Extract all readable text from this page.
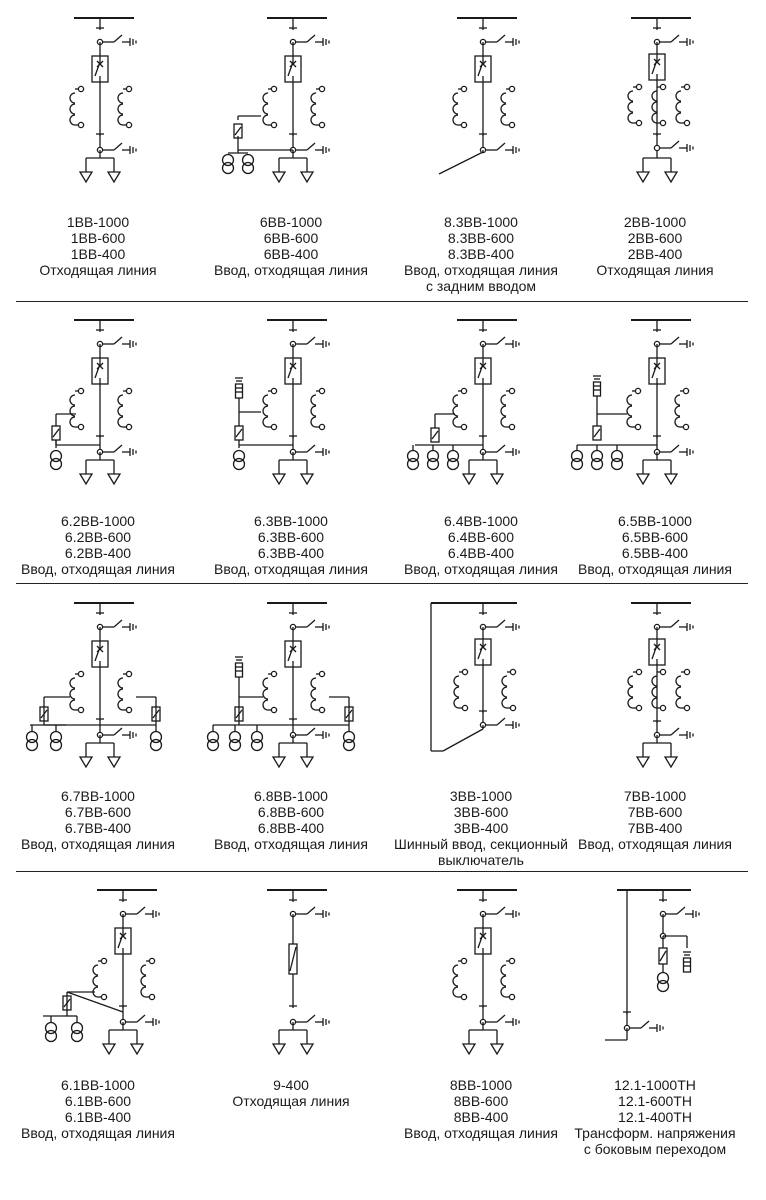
1ВВ-1000
1ВВ-600
1ВВ-400
Отходящая линия
6ВВ-1000
6ВВ-600
6ВВ-400
Ввод, отходящая линия
8.3ВВ-1000
8.3ВВ-600
8.3ВВ-400
Ввод, отходящая линия
с задним вводом
2ВВ-1000
2ВВ-600
2ВВ-400
Отходящая линия
6.2ВВ-1000
6.2ВВ-600
6.2ВВ-400
Ввод, отходящая линия
6.3ВВ-1000
6.3ВВ-600
6.3ВВ-400
Ввод, отходящая линия
6.4ВВ-1000
6.4ВВ-600
6.4ВВ-400
Ввод, отходящая линия
6.5ВВ-1000
6.5ВВ-600
6.5ВВ-400
Ввод, отходящая линия
6.7ВВ-1000
6.7ВВ-600
6.7ВВ-400
Ввод, отходящая линия
6.8ВВ-1000
6.8ВВ-600
6.8ВВ-400
Ввод, отходящая линия
3ВВ-1000
3ВВ-600
3ВВ-400
Шинный ввод, секционный
выключатель
7ВВ-1000
7ВВ-600
7ВВ-400
Ввод, отходящая линия
6.1ВВ-1000
6.1ВВ-600
6.1ВВ-400
Ввод, отходящая линия
9-400
Отходящая линия
8ВВ-1000
8ВВ-600
8ВВ-400
Ввод, отходящая линия
12.1-1000ТН
12.1-600ТН
12.1-400ТН
Трансформ. напряжения
с боковым переходом
